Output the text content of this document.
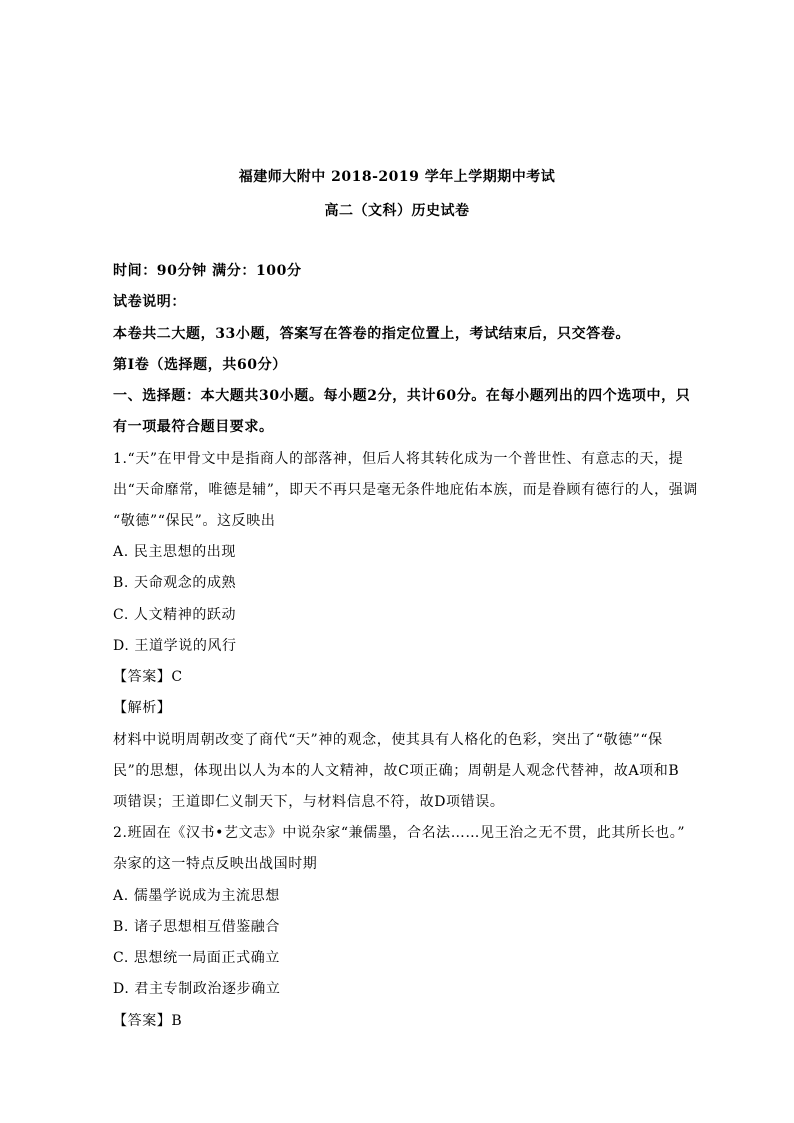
福建师大附中 2018-2019 学年上学期期中考试
高二（文科）历史试卷
时间：90分钟 满分：100分
试卷说明：
本卷共二大题，33小题，答案写在答卷的指定位置上，考试结束后，只交答卷。
第Ⅰ卷（选择题，共60分）
一、选择题：本大题共30小题。每小题2分，共计60分。在每小题列出的四个选项中，只
有一项最符合题目要求。
1.“天”在甲骨文中是指商人的部落神，但后人将其转化成为一个普世性、有意志的天，提
出“天命靡常，唯德是辅”，即天不再只是毫无条件地庇佑本族，而是眷顾有德行的人，强调
“敬德”“保民”。这反映出
A. 民主思想的出现
B. 天命观念的成熟
C. 人文精神的跃动
D. 王道学说的风行
【答案】C
【解析】
材料中说明周朝改变了商代“天”神的观念，使其具有人格化的色彩，突出了“敬德”“保
民”的思想，体现出以人为本的人文精神，故C项正确；周朝是人观念代替神，故A项和B
项错误；王道即仁义制天下，与材料信息不符，故D项错误。
2.班固在《汉书•艺文志》中说杂家“兼儒墨，合名法……见王治之无不贯，此其所长也。”
杂家的这一特点反映出战国时期
A. 儒墨学说成为主流思想
B. 诸子思想相互借鉴融合
C. 思想统一局面正式确立
D. 君主专制政治逐步确立
【答案】B
